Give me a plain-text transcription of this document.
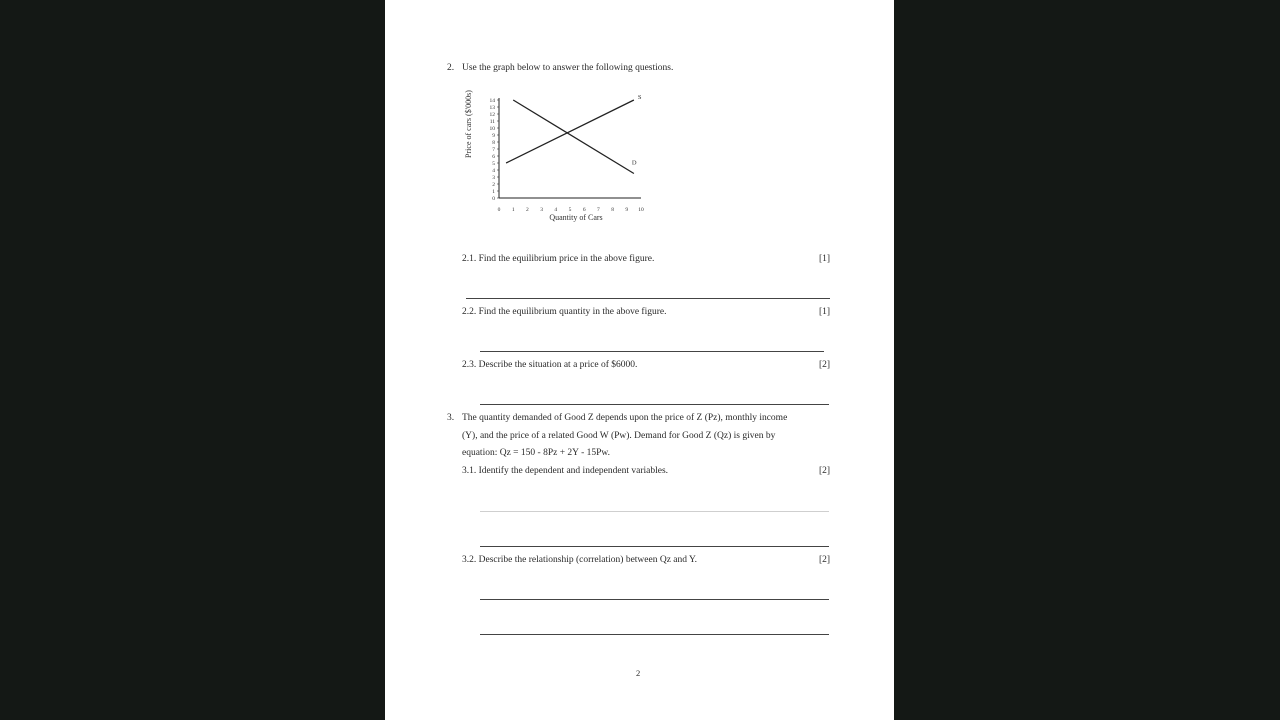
2. Use the graph below to answer the following questions.
Price of cars ($'000s)
0
1
2
3
4
5
6
7
8
9
10
11
12
13
14
0 1 2 3 4 5 6 7 8 9 10
S
D
Quantity of Cars
2.1. Find the equilibrium price in the above figure.	[1]
2.2. Find the equilibrium quantity in the above figure.	[1]
2.3. Describe the situation at a price of $6000.	[2]
3. The quantity demanded of Good Z depends upon the price of Z (Pz), monthly income
(Y), and the price of a related Good W (Pw). Demand for Good Z (Qz) is given by
equation: Qz = 150 - 8Pz + 2Y - 15Pw.
3.1. Identify the dependent and independent variables.	[2]
3.2. Describe the relationship (correlation) between Qz and Y.	[2]
2
